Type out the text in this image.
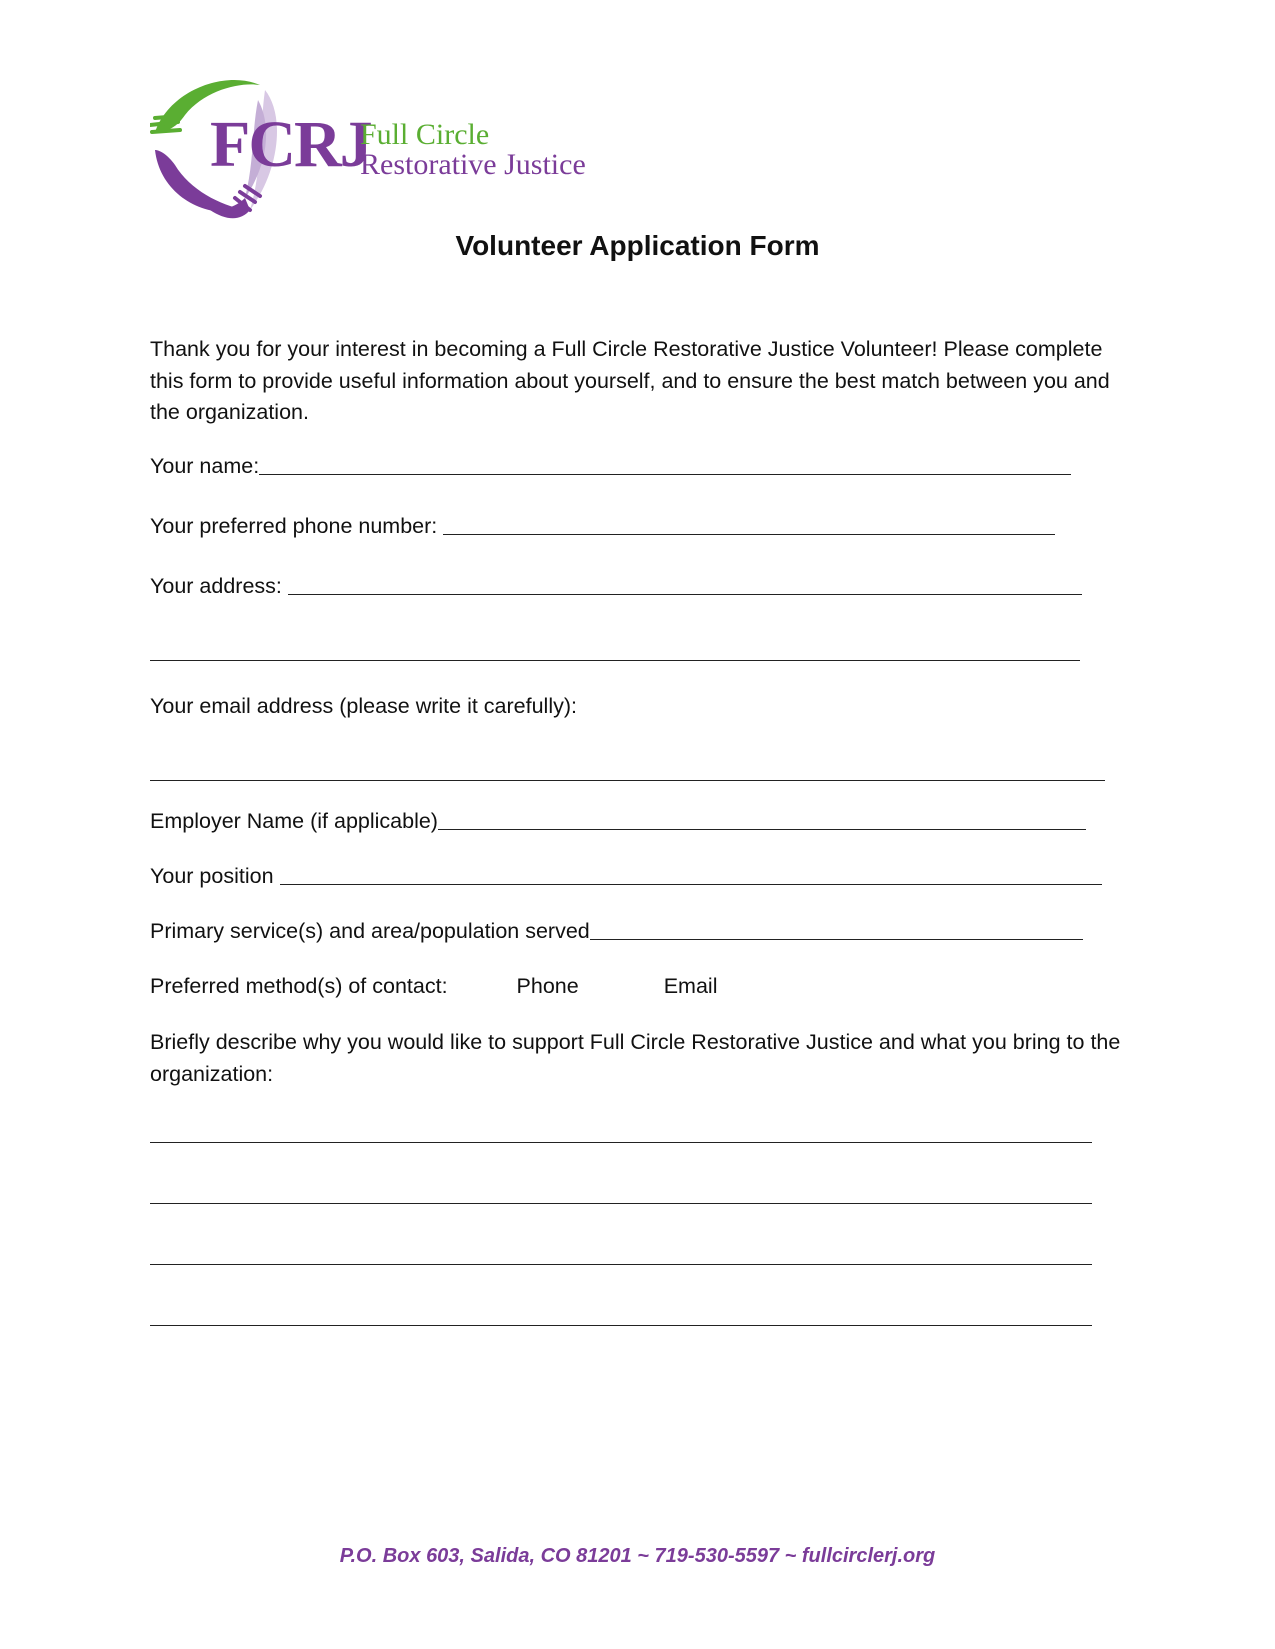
FCRJ
Full Circle
Restorative Justice
Volunteer Application Form
Thank you for your interest in becoming a Full Circle Restorative Justice Volunteer! Please complete this form to provide useful information about yourself, and to ensure the best match between you and the organization.
Your name:
Your preferred phone number:
Your address:
Your email address (please write it carefully):
Employer Name (if applicable)
Your position
Primary service(s) and area/population served
Preferred method(s) of contact:	Phone	Email
Briefly describe why you would like to support Full Circle Restorative Justice and what you bring to the organization:
P.O. Box 603, Salida, CO 81201 ~ 719-530-5597 ~ fullcirclerj.org
